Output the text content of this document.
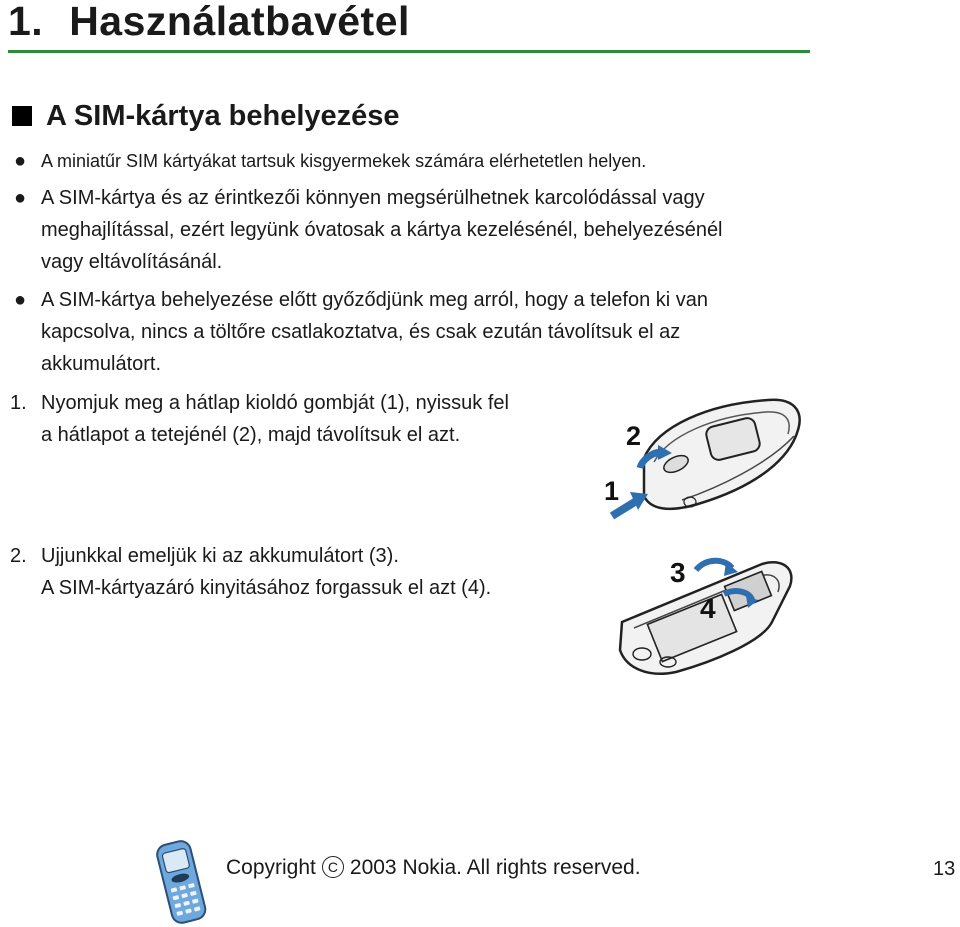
1. Használatbavétel
A SIM-kártya behelyezése
● A miniatűr SIM kártyákat tartsuk kisgyermekek számára elérhetetlen helyen.
● A SIM-kártya és az érintkezői könnyen megsérülhetnek karcolódással vagy
meghajlítással, ezért legyünk óvatosak a kártya kezelésénél, behelyezésénél
vagy eltávolításánál.
● A SIM-kártya behelyezése előtt győződjünk meg arról, hogy a telefon ki van
kapcsolva, nincs a töltőre csatlakoztatva, és csak ezután távolítsuk el az
akkumulátort.
1. Nyomjuk meg a hátlap kioldó gombját (1), nyissuk fel
a hátlapot a tetejénél (2), majd távolítsuk el azt.	2
1
2. Ujjunkkal emeljük ki az akkumulátort (3).
A SIM-kártyazáró kinyitásához forgassuk el azt (4).	3
4
Copyright C 2003 Nokia. All rights reserved.	13
